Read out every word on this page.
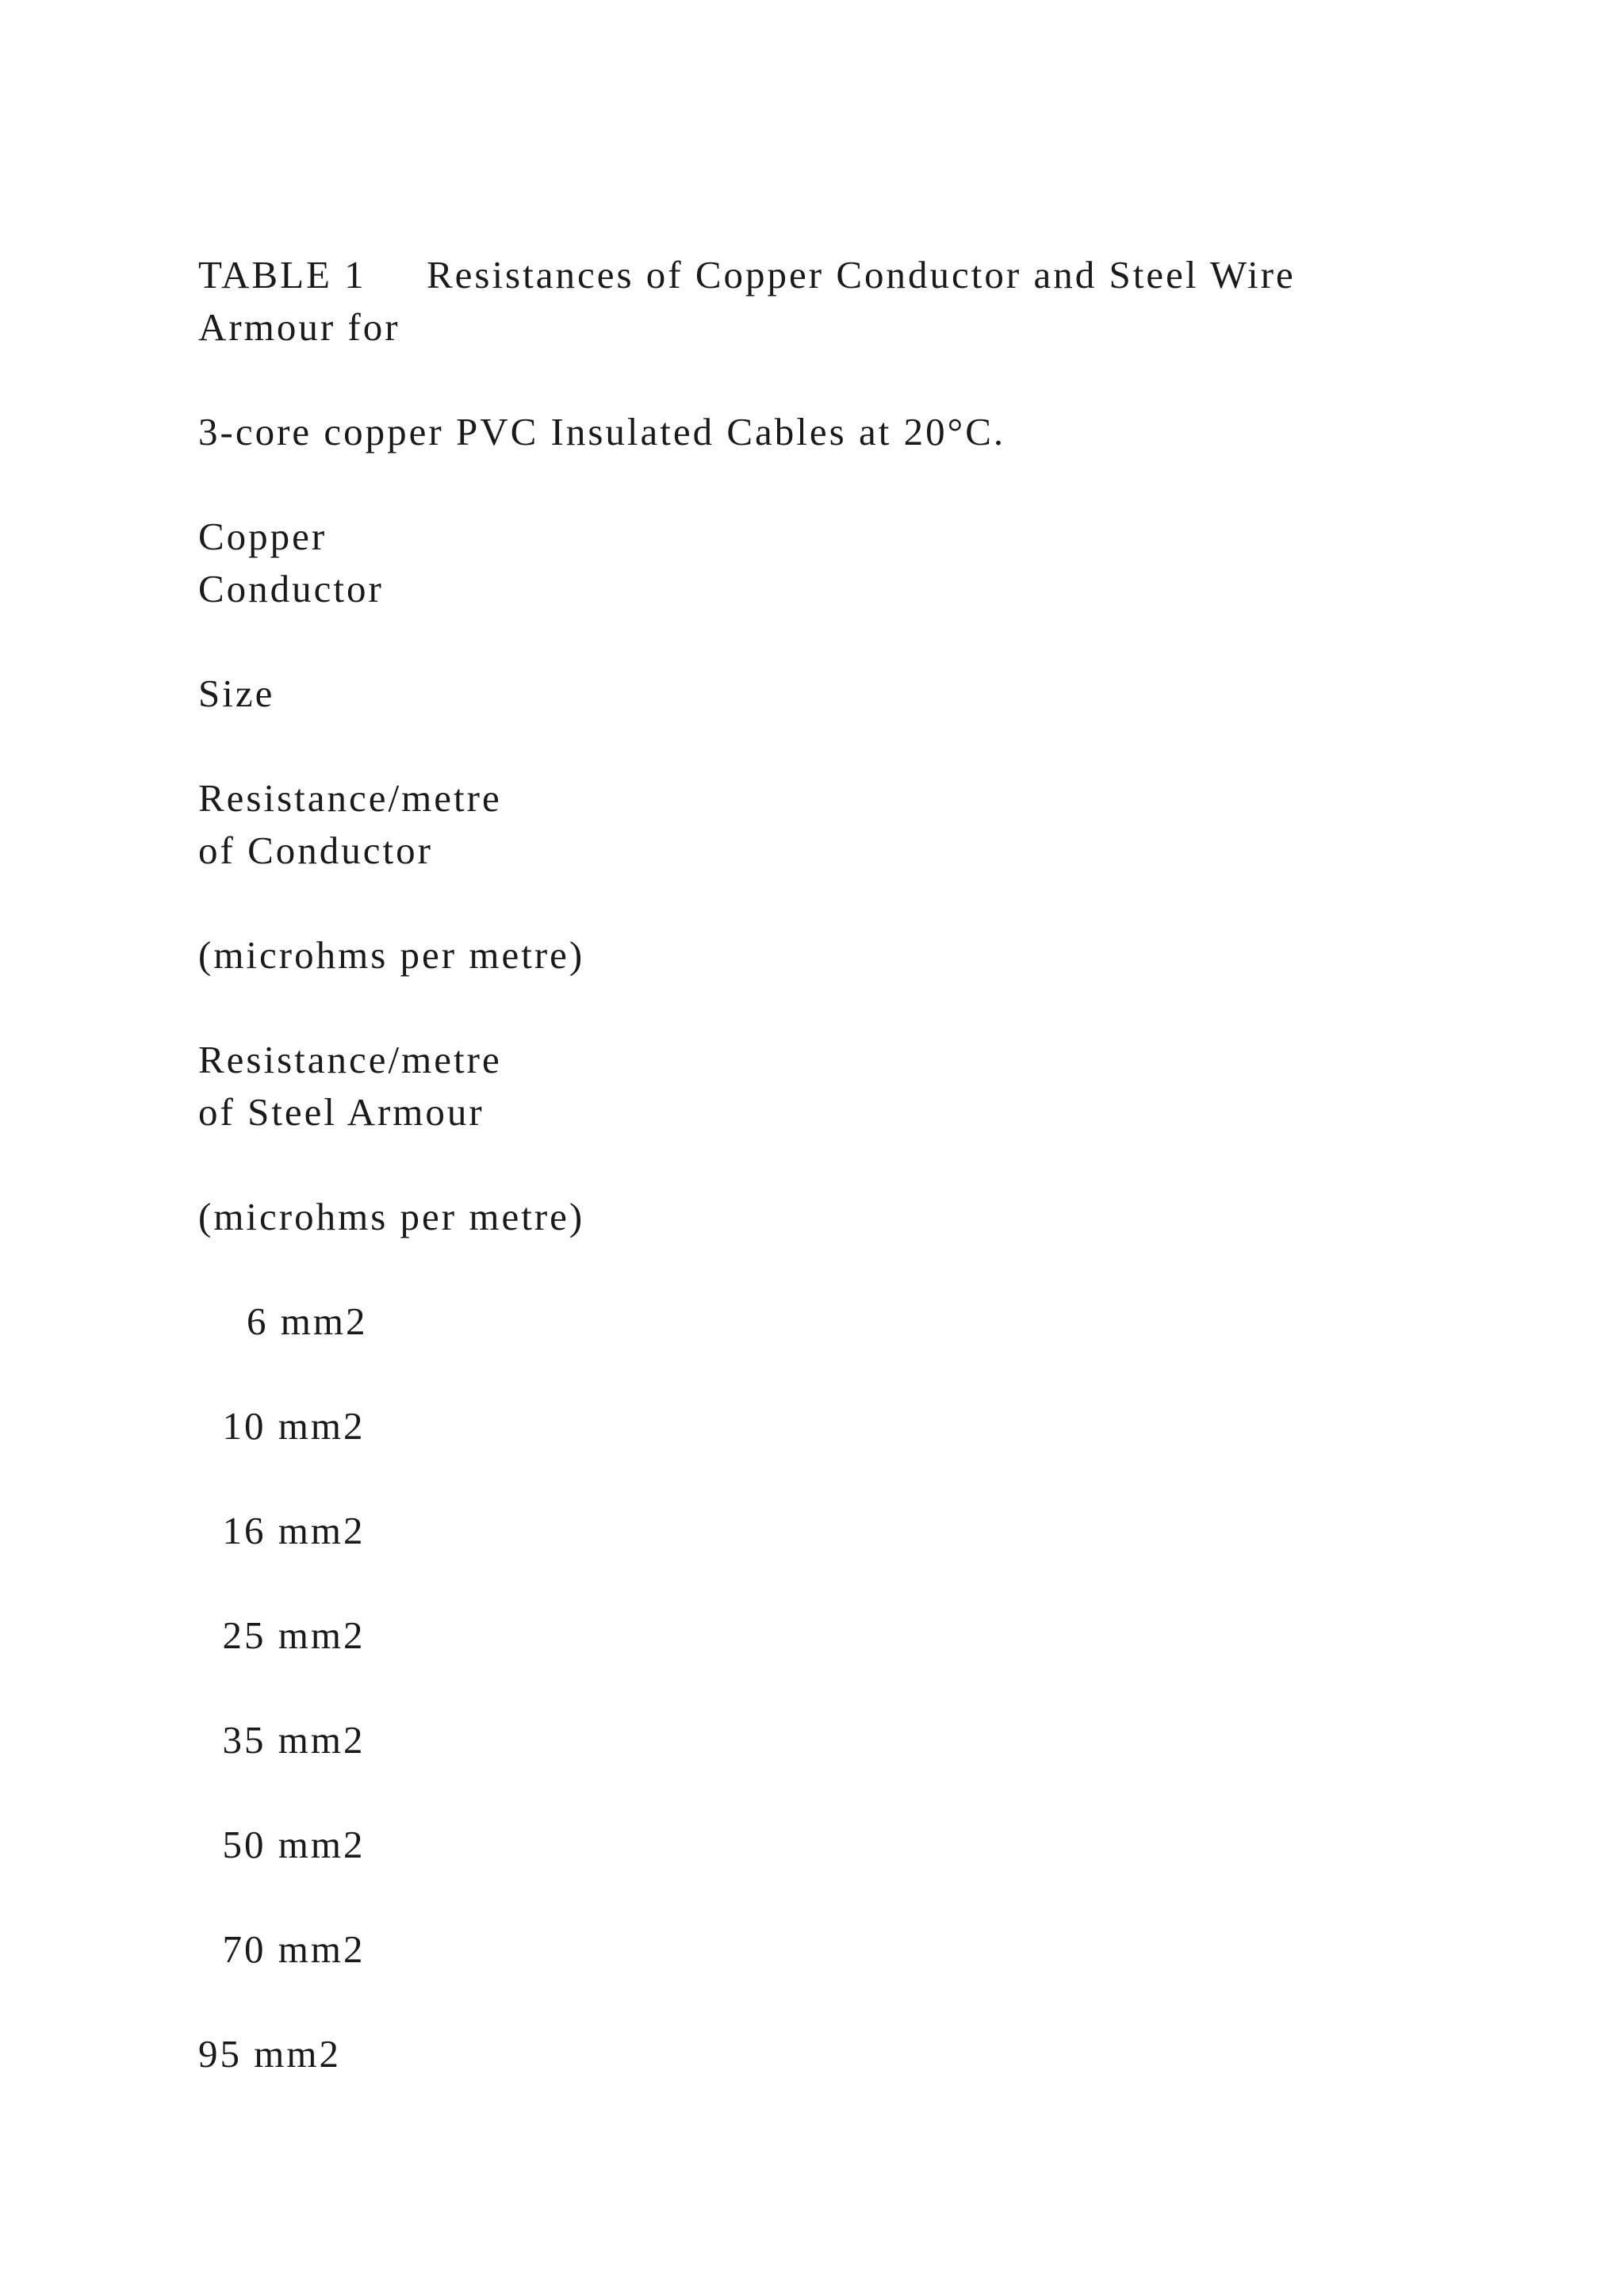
TABLE 1     Resistances of Copper Conductor and Steel Wire
Armour for
3-core copper PVC Insulated Cables at 20°C.
Copper
Conductor
Size
Resistance/metre
of Conductor
(microhms per metre)
Resistance/metre
of Steel Armour
(microhms per metre)
6 mm2
10 mm2
16 mm2
25 mm2
35 mm2
50 mm2
70 mm2
95 mm2
